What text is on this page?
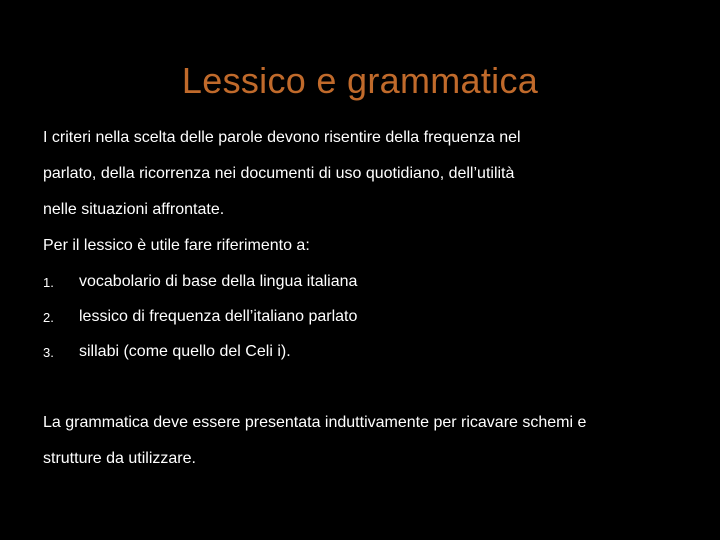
Lessico e grammatica
I criteri nella scelta delle parole devono risentire della frequenza nel
parlato, della ricorrenza nei documenti di uso quotidiano, dell’utilità
nelle situazioni affrontate.
Per il lessico è utile fare riferimento a:
1. vocabolario di base della lingua italiana
2. lessico di frequenza dell’italiano parlato
3. sillabi (come quello del Celi i).
La grammatica deve essere presentata induttivamente per ricavare schemi e
strutture da utilizzare.
